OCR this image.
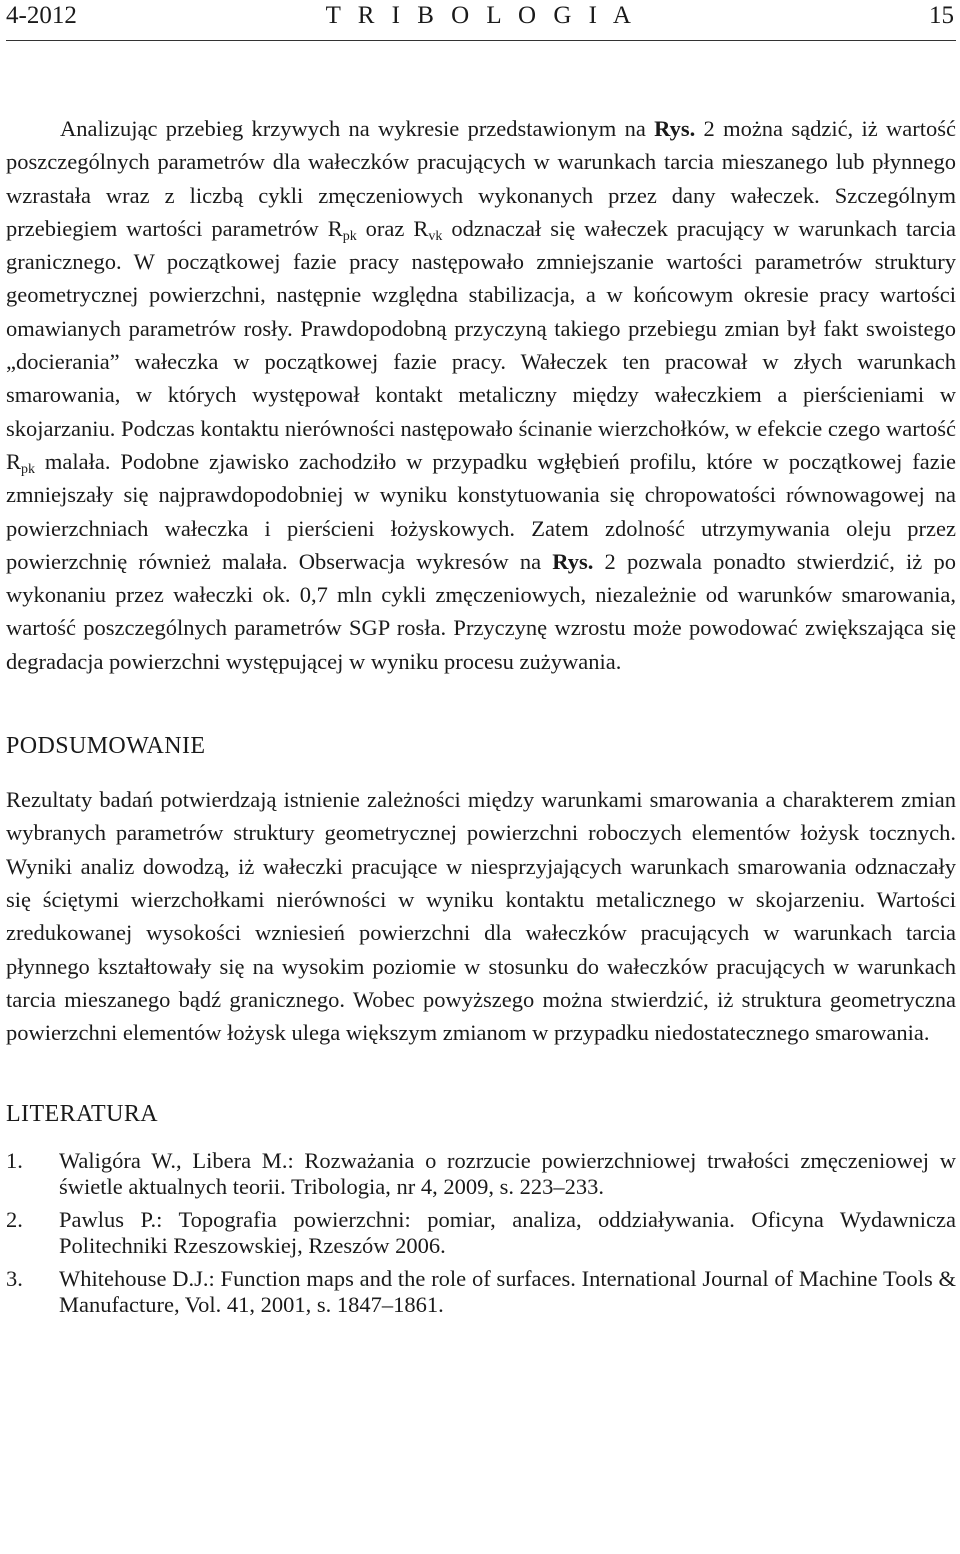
4-2012	T R I B O L O G I A	15

Analizując przebieg krzywych na wykresie przedstawionym na Rys. 2 można sądzić, iż wartość poszczególnych parametrów dla wałeczków pracujących w warunkach tarcia mieszanego lub płynnego wzrastała wraz z liczbą cykli zmęczeniowych wykonanych przez dany wałeczek. Szczególnym przebiegiem wartości parametrów $R_{pk}$ oraz $R_{vk}$ odznaczał się wałeczek pracujący w warunkach tarcia granicznego. W początkowej fazie pracy następowało zmniejszanie wartości parametrów struktury geometrycznej powierzchni, następnie względna stabilizacja, a w końcowym okresie pracy wartości omawianych parametrów rosły. Prawdopodobną przyczyną takiego przebiegu zmian był fakt swoistego „docierania” wałeczka w początkowej fazie pracy. Wałeczek ten pracował w złych warunkach smarowania, w których występował kontakt metaliczny między wałeczkiem a pierścieniami w skojarzaniu. Podczas kontaktu nierówności następowało ścinanie wierzchołków, w efekcie czego wartość $R_{pk}$ malała. Podobne zjawisko zachodziło w przypadku wgłębień profilu, które w początkowej fazie zmniejszały się najprawdopodobniej w wyniku konstytuowania się chropowatości równowagowej na powierzchniach wałeczka i pierścieni łożyskowych. Zatem zdolność utrzymywania oleju przez powierzchnię również malała. Obserwacja wykresów na Rys. 2 pozwala ponadto stwierdzić, iż po wykonaniu przez wałeczki ok. 0,7 mln cykli zmęczeniowych, niezależnie od warunków smarowania, wartość poszczególnych parametrów SGP rosła. Przyczynę wzrostu może powodować zwiększająca się degradacja powierzchni występującej w wyniku procesu zużywania.

PODSUMOWANIE

Rezultaty badań potwierdzają istnienie zależności między warunkami smarowania a charakterem zmian wybranych parametrów struktury geometrycznej powierzchni roboczych elementów łożysk tocznych. Wyniki analiz dowodzą, iż wałeczki pracujące w niesprzyjających warunkach smarowania odznaczały się ściętymi wierzchołkami nierówności w wyniku kontaktu metalicznego w skojarzeniu. Wartości zredukowanej wysokości wzniesień powierzchni dla wałeczków pracujących w warunkach tarcia płynnego kształtowały się na wysokim poziomie w stosunku do wałeczków pracujących w warunkach tarcia mieszanego bądź granicznego. Wobec powyższego można stwierdzić, iż struktura geometryczna powierzchni elementów łożysk ulega większym zmianom w przypadku niedostatecznego smarowania.

LITERATURA
1. Waligóra W., Libera M.: Rozważania o rozrzucie powierzchniowej trwałości zmęczeniowej w świetle aktualnych teorii. Tribologia, nr 4, 2009, s. 223–233.
2. Pawlus P.: Topografia powierzchni: pomiar, analiza, oddziaływania. Oficyna Wydawnicza Politechniki Rzeszowskiej, Rzeszów 2006.
3. Whitehouse D.J.: Function maps and the role of surfaces. International Journal of Machine Tools & Manufacture, Vol. 41, 2001, s. 1847–1861.
